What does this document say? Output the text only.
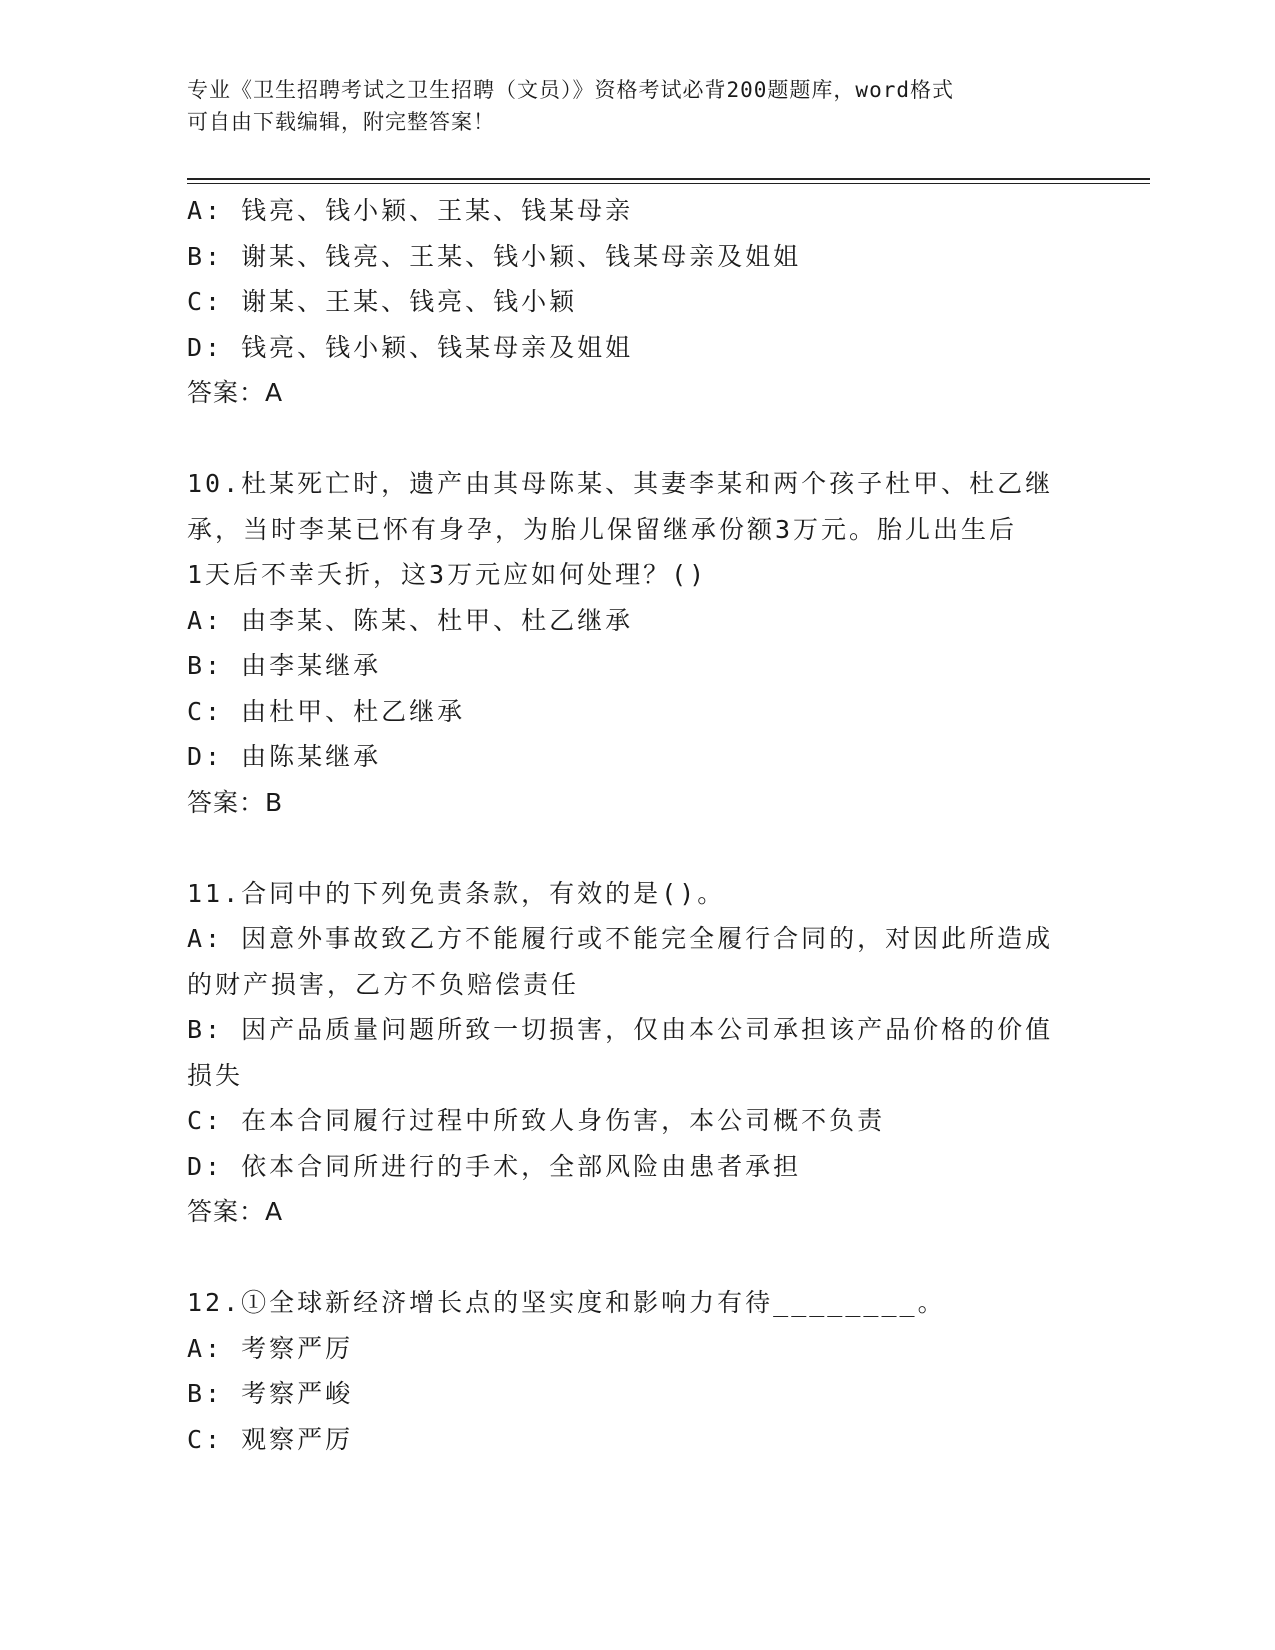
专业《卫生招聘考试之卫生招聘（文员）》资格考试必背200题题库，word格式
可自由下载编辑，附完整答案！
A: 钱亮、钱小颖、王某、钱某母亲
B: 谢某、钱亮、王某、钱小颖、钱某母亲及姐姐
C: 谢某、王某、钱亮、钱小颖
D: 钱亮、钱小颖、钱某母亲及姐姐
答案：A
10.杜某死亡时，遗产由其母陈某、其妻李某和两个孩子杜甲、杜乙继
承，当时李某已怀有身孕，为胎儿保留继承份额3万元。胎儿出生后
1天后不幸夭折，这3万元应如何处理？()
A: 由李某、陈某、杜甲、杜乙继承
B: 由李某继承
C: 由杜甲、杜乙继承
D: 由陈某继承
答案：B
11.合同中的下列免责条款，有效的是()。
A: 因意外事故致乙方不能履行或不能完全履行合同的，对因此所造成
的财产损害，乙方不负赔偿责任
B: 因产品质量问题所致一切损害，仅由本公司承担该产品价格的价值
损失
C: 在本合同履行过程中所致人身伤害，本公司概不负责
D: 依本合同所进行的手术，全部风险由患者承担
答案：A
12.①全球新经济增长点的坚实度和影响力有待________。
A: 考察严厉
B: 考察严峻
C: 观察严厉
